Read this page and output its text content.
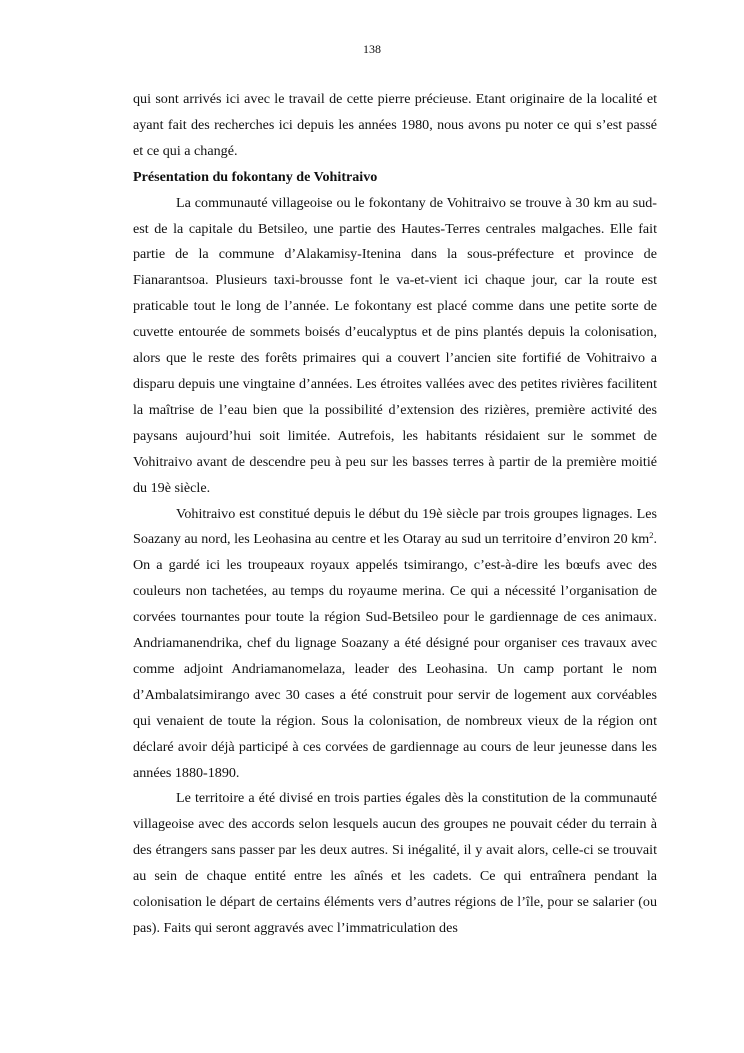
138

qui sont arrivés ici avec le travail de cette pierre précieuse. Etant originaire de la localité et ayant fait des recherches ici depuis les années 1980, nous avons pu noter ce qui s’est passé et ce qui a changé.

Présentation du fokontany de Vohitraivo

La communauté villageoise ou le fokontany de Vohitraivo se trouve à 30 km au sud-est de la capitale du Betsileo, une partie des Hautes-Terres centrales malgaches. Elle fait partie de la commune d’Alakamisy-Itenina dans la sous-préfecture et province de Fianarantsoa. Plusieurs taxi-brousse font le va-et-vient ici chaque jour, car la route est praticable tout le long de l’année. Le fokontany est placé comme dans une petite sorte de cuvette entourée de sommets boisés d’eucalyptus et de pins plantés depuis la colonisation, alors que le reste des forêts primaires qui a couvert l’ancien site fortifié de Vohitraivo a disparu depuis une vingtaine d’années. Les étroites vallées avec des petites rivières facilitent la maîtrise de l’eau bien que la possibilité d’extension des rizières, première activité des paysans aujourd’hui soit limitée. Autrefois, les habitants résidaient sur le sommet de Vohitraivo avant de descendre peu à peu sur les basses terres à partir de la première moitié du 19è siècle.

Vohitraivo est constitué depuis le début du 19è siècle par trois groupes lignages. Les Soazany au nord, les Leohasina au centre et les Otaray au sud un territoire d’environ 20 $km^2$. On a gardé ici les troupeaux royaux appelés tsimirango, c’est-à-dire les bœufs avec des couleurs non tachetées, au temps du royaume merina. Ce qui a nécessité l’organisation de corvées tournantes pour toute la région Sud-Betsileo pour le gardiennage de ces animaux. Andriamanendrika, chef du lignage Soazany a été désigné pour organiser ces travaux avec comme adjoint Andriamanomelaza, leader des Leohasina. Un camp portant le nom d’Ambalatsimirango avec 30 cases a été construit pour servir de logement aux corvéables qui venaient de toute la région. Sous la colonisation, de nombreux vieux de la région ont déclaré avoir déjà participé à ces corvées de gardiennage au cours de leur jeunesse dans les années 1880-1890.

Le territoire a été divisé en trois parties égales dès la constitution de la communauté villageoise avec des accords selon lesquels aucun des groupes ne pouvait céder du terrain à des étrangers sans passer par les deux autres. Si inégalité, il y avait alors, celle-ci se trouvait au sein de chaque entité entre les aînés et les cadets. Ce qui entraînera pendant la colonisation le départ de certains éléments vers d’autres régions de l’île, pour se salarier (ou pas). Faits qui seront aggravés avec l’immatriculation des
